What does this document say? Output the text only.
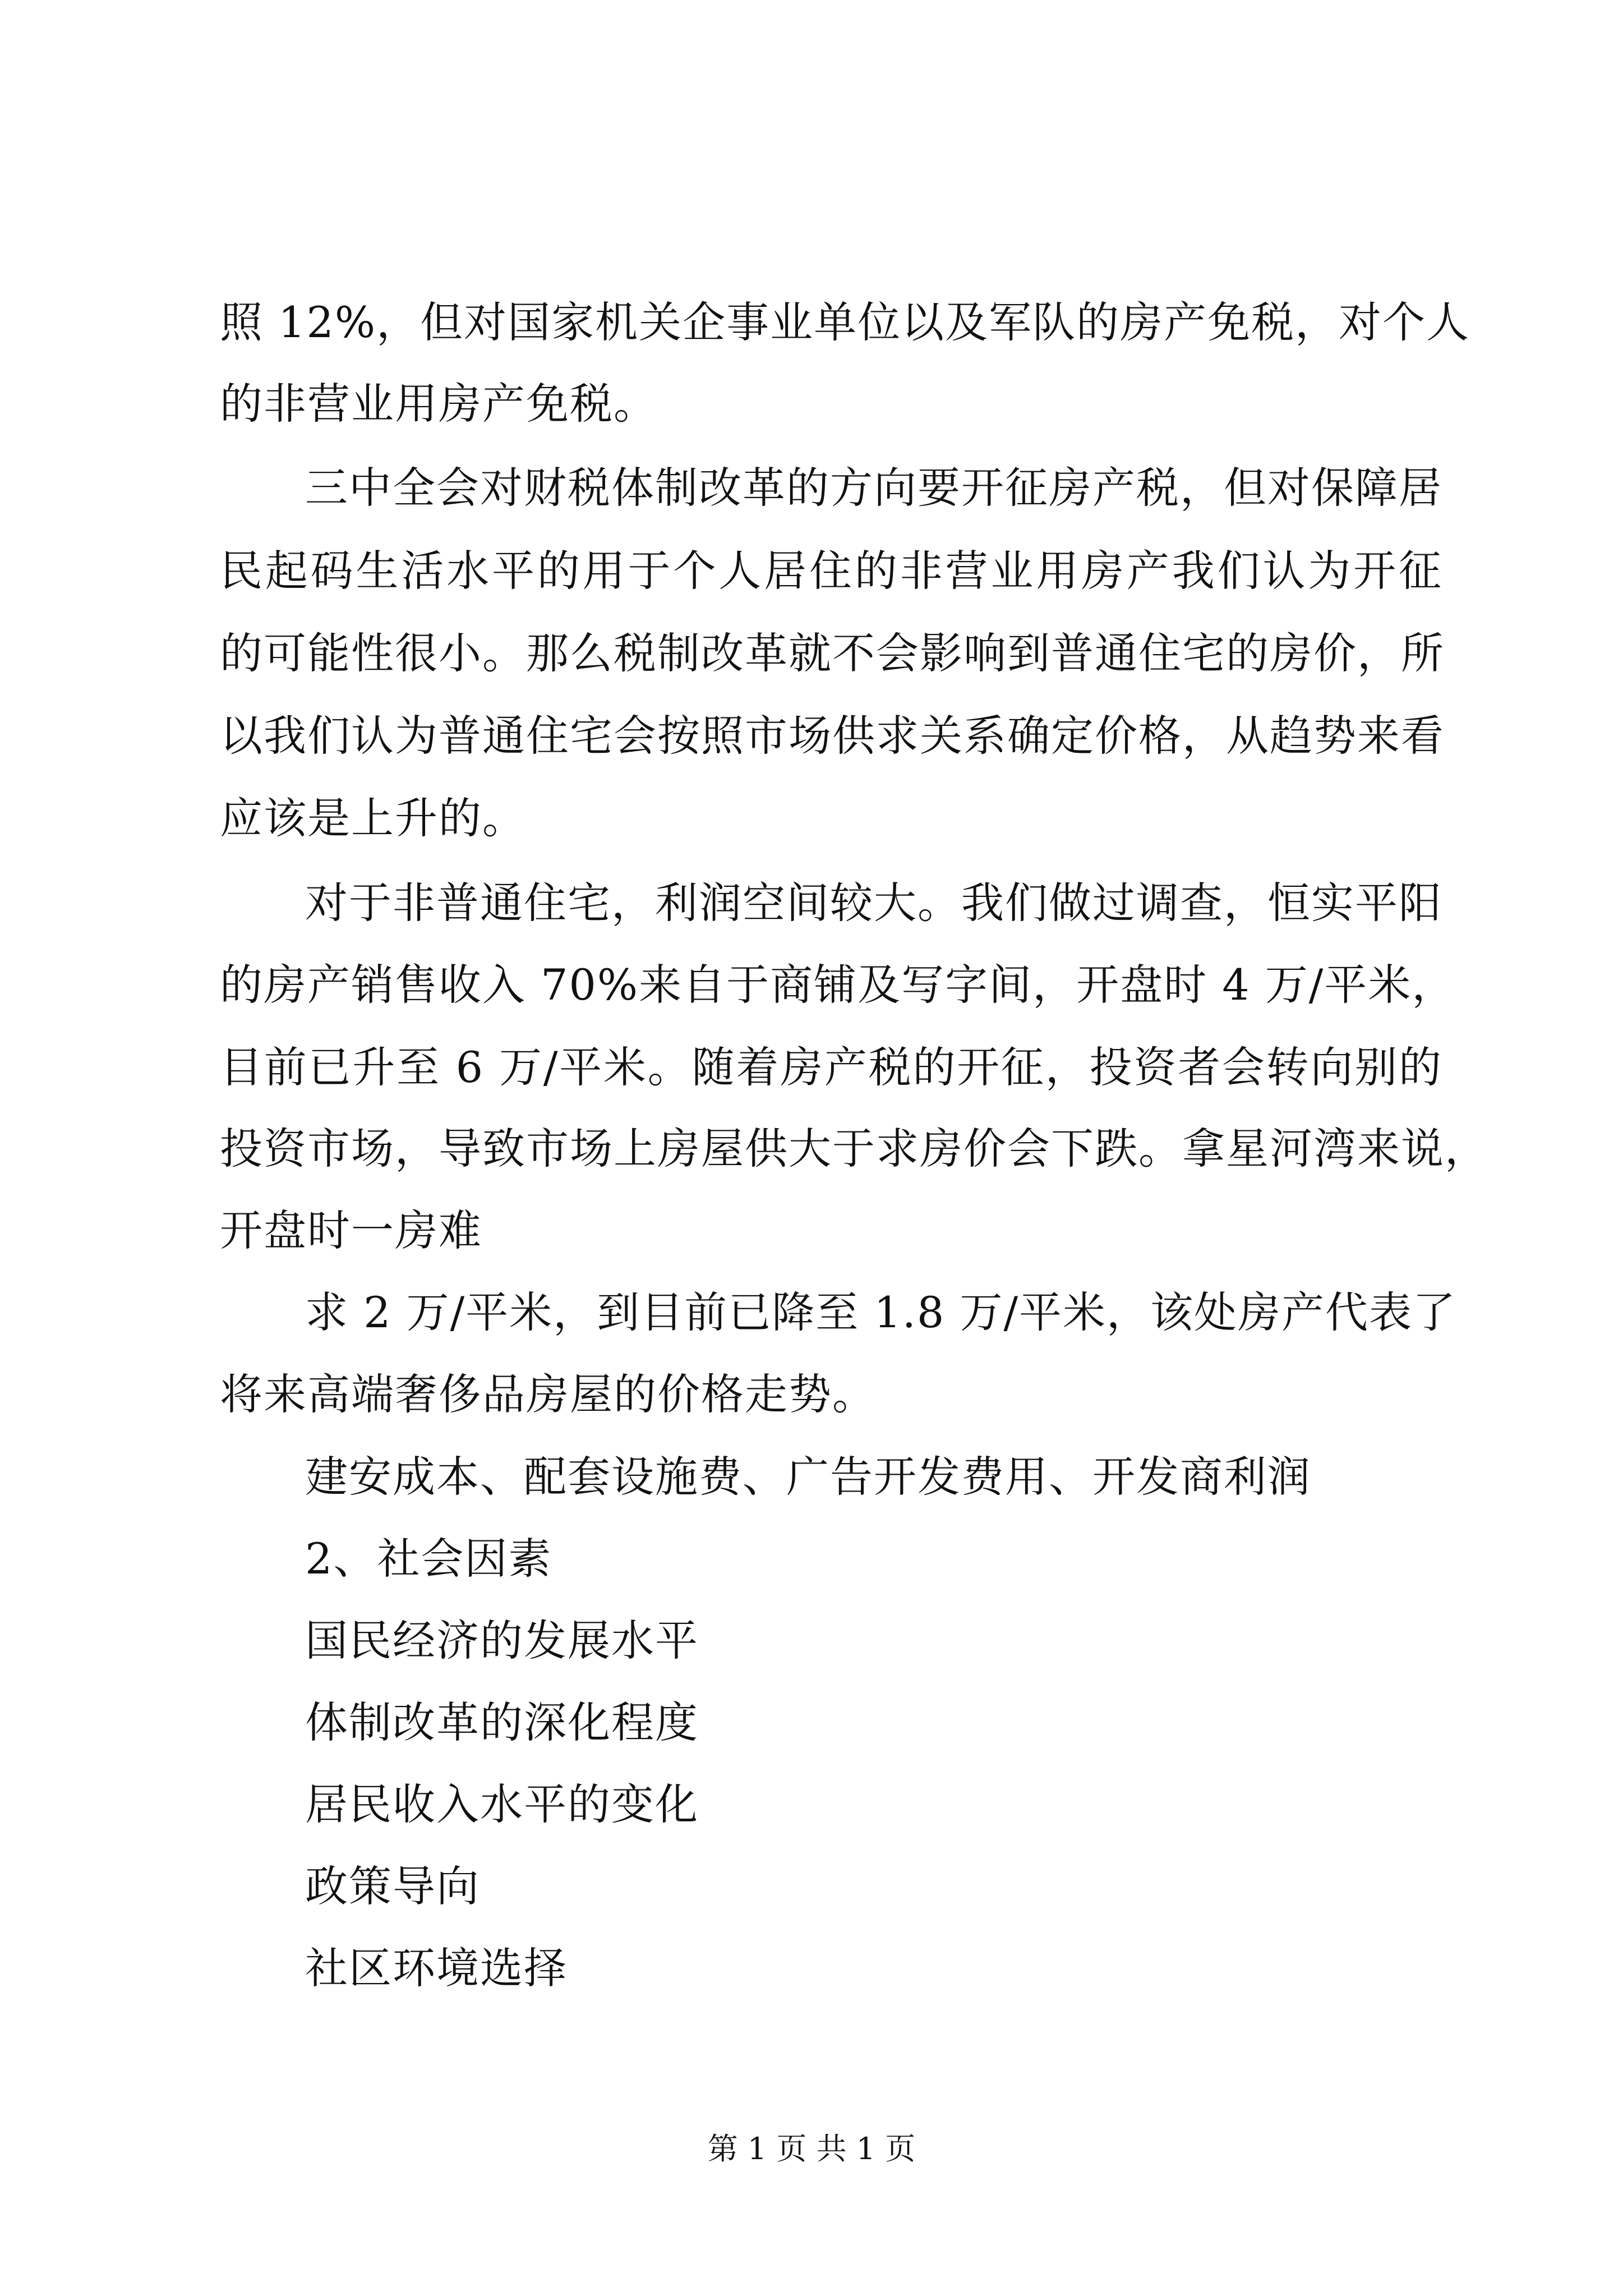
照 12%，但对国家机关企事业单位以及军队的房产免税，对个人
的非营业用房产免税。
三中全会对财税体制改革的方向要开征房产税，但对保障居
民起码生活水平的用于个人居住的非营业用房产我们认为开征
的可能性很小。那么税制改革就不会影响到普通住宅的房价，所
以我们认为普通住宅会按照市场供求关系确定价格，从趋势来看
应该是上升的。
对于非普通住宅，利润空间较大。我们做过调查，恒实平阳
的房产销售收入 70%来自于商铺及写字间，开盘时 4 万/平米，
目前已升至 6 万/平米。随着房产税的开征，投资者会转向别的
投资市场，导致市场上房屋供大于求房价会下跌。拿星河湾来说，
开盘时一房难
求 2 万/平米，到目前已降至 1.8 万/平米，该处房产代表了
将来高端奢侈品房屋的价格走势。
建安成本、配套设施费、广告开发费用、开发商利润
2、社会因素
国民经济的发展水平
体制改革的深化程度
居民收入水平的变化
政策导向
社区环境选择
第 1 页 共 1 页
